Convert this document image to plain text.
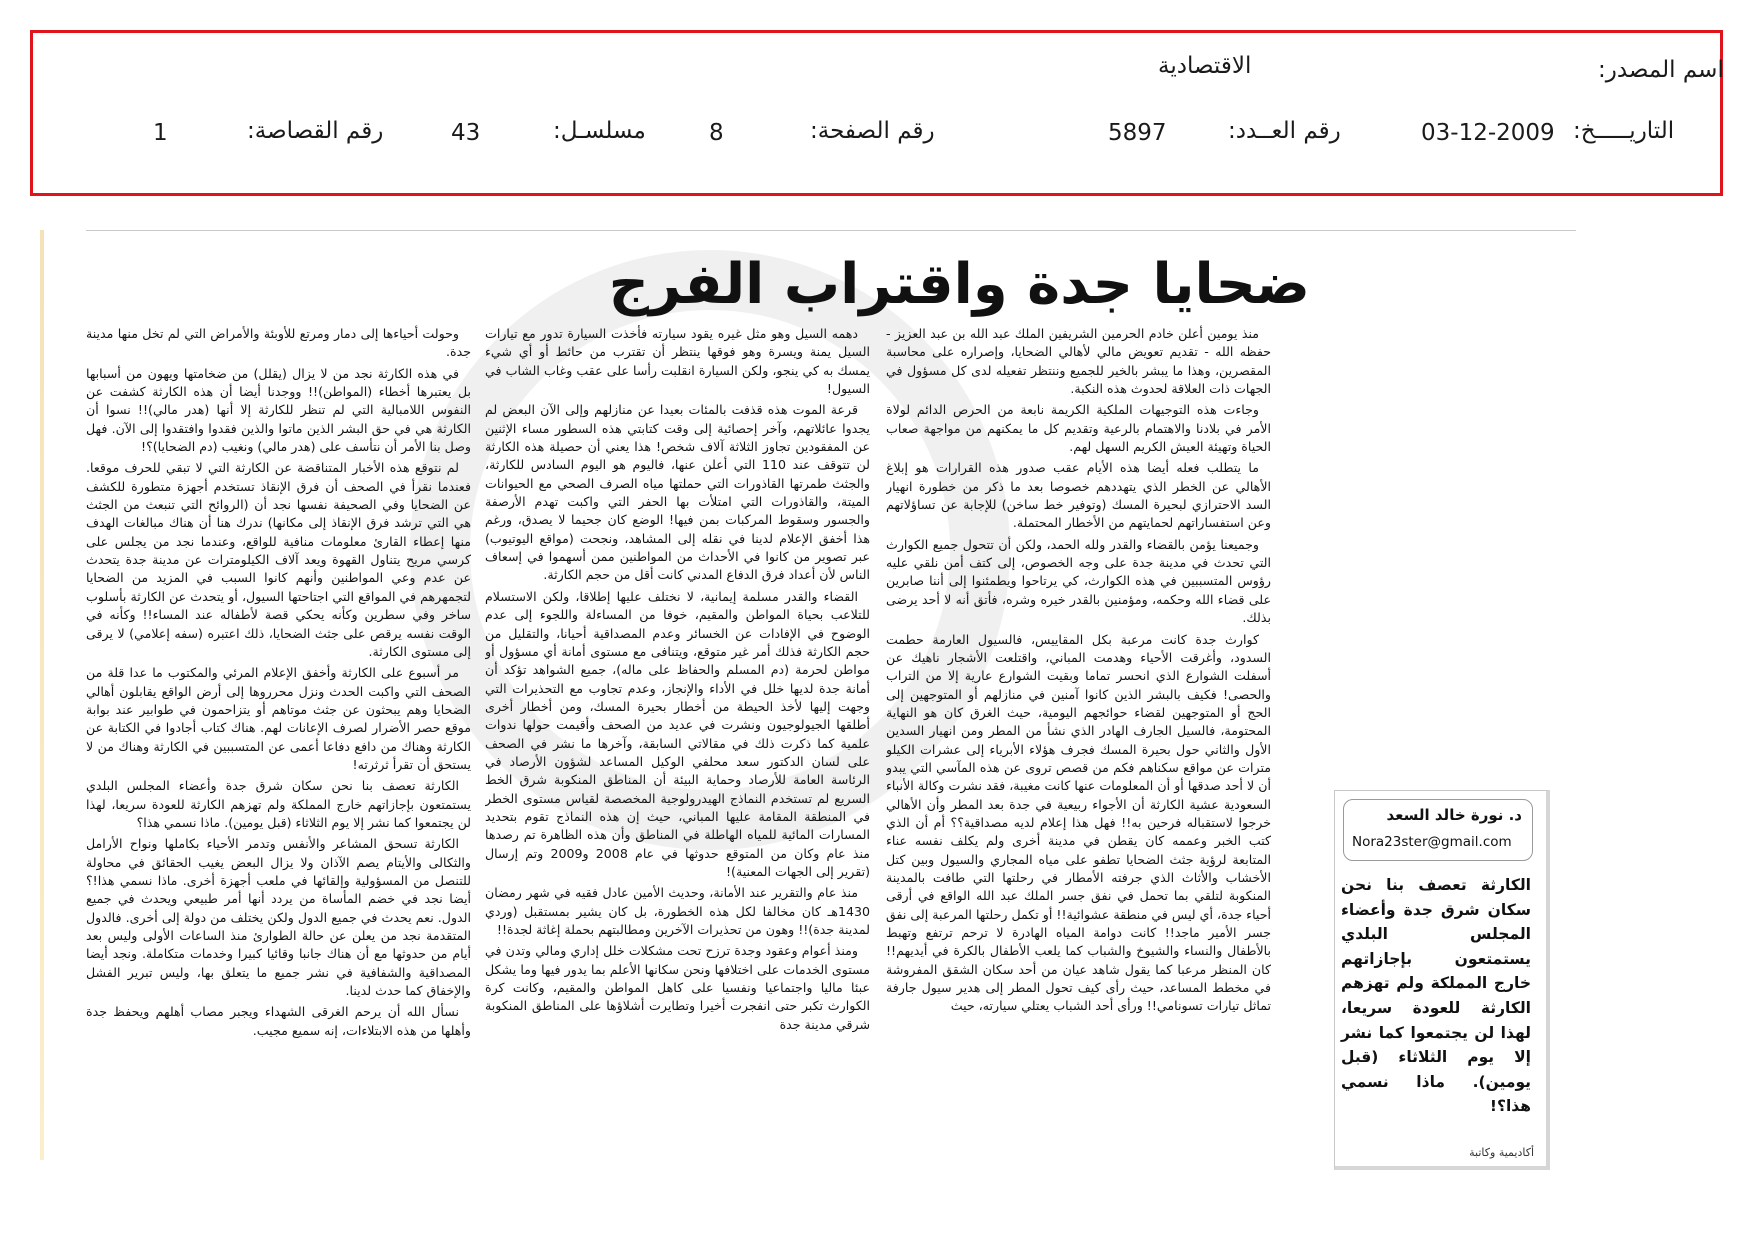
اسم المصدر:
الاقتصادية
التاريـــــخ:
03-12-2009
رقم العــدد:
5897
رقم الصفحة:
8
مسلسـل:
43
رقم القصاصة:
1
ضحايا جدة واقتراب الفرج

منذ يومين أعلن خادم الحرمين الشريفين الملك عبد الله بن عبد العزيز - حفظه الله - تقديم تعويض مالي لأهالي الضحايا، وإصراره على محاسبة المقصرين، وهذا ما يبشر بالخير للجميع وننتظر تفعيله لدى كل مسؤول في الجهات ذات العلاقة لحدوث هذه النكبة.

وجاءت هذه التوجيهات الملكية الكريمة نابعة من الحرص الدائم لولاة الأمر في بلادنا والاهتمام بالرعية وتقديم كل ما يمكنهم من مواجهة صعاب الحياة وتهيئة العيش الكريم السهل لهم.

ما يتطلب فعله أيضا هذه الأيام عقب صدور هذه القرارات هو إبلاغ الأهالي عن الخطر الذي يتهددهم خصوصا بعد ما ذكر من خطورة انهيار السد الاحترازي لبحيرة المسك (وتوفير خط ساخن) للإجابة عن تساؤلاتهم وعن استفساراتهم لحمايتهم من الأخطار المحتملة.

وجميعنا يؤمن بالقضاء والقدر ولله الحمد، ولكن أن تتحول جميع الكوارث التي تحدث في مدينة جدة على وجه الخصوص، إلى كتف أمن نلقي عليه رؤوس المتسببين في هذه الكوارث، كي يرتاحوا ويطمئنوا إلى أننا صابرين على قضاء الله وحكمه، ومؤمنين بالقدر خيره وشره، فأتق أنه لا أحد يرضى بذلك.

كوارث جدة كانت مرعبة بكل المقاييس، فالسيول العارمة حطمت السدود، وأغرقت الأحياء وهدمت المباني، واقتلعت الأشجار ناهيك عن أسفلت الشوارع الذي انحسر تماما وبقيت الشوارع عارية إلا من التراب والحصى! فكيف بالبشر الذين كانوا آمنين في منازلهم أو المتوجهين إلى الحج أو المتوجهين لقضاء حوائجهم اليومية، حيث الغرق كان هو النهاية المحتومة، فالسيل الجارف الهادر الذي نشأ من المطر ومن انهيار السدين الأول والثاني حول بحيرة المسك فجرف هؤلاء الأبرياء إلى عشرات الكيلو مترات عن مواقع سكناهم فكم من قصص تروى عن هذه المآسي التي يبدو أن لا أحد صدقها أو أن المعلومات عنها كانت مغيبة، فقد نشرت وكالة الأنباء السعودية عشية الكارثة أن الأجواء ربيعية في جدة بعد المطر وأن الأهالي خرجوا لاستقباله فرحين به!! فهل هذا إعلام لديه مصداقية؟؟ أم أن الذي كتب الخبر وعممه كان يقطن في مدينة أخرى ولم يكلف نفسه عناء المتابعة لرؤية جثث الضحايا تطفو على مياه المجاري والسيول وبين كتل الأخشاب والأثاث الذي جرفته الأمطار في رحلتها التي طافت بالمدينة المنكوبة لتلقي بما تحمل في نفق جسر الملك عبد الله الواقع في أرقى أحياء جدة، أي ليس في منطقة عشوائية!! أو تكمل رحلتها المرعبة إلى نفق جسر الأمير ماجد!! كانت دوامة المياه الهادرة لا ترحم ترتفع وتهبط بالأطفال والنساء والشيوخ والشباب كما يلعب الأطفال بالكرة في أيديهم!! كان المنظر مرعبا كما يقول شاهد عيان من أحد سكان الشقق المفروشة في مخطط المساعد، حيث رأى كيف تحول المطر إلى هدير سيول جارفة تماثل تيارات تسونامي!! ورأى أحد الشباب يعتلي سيارته، حيث

دهمه السيل وهو مثل غيره يقود سيارته فأخذت السيارة تدور مع تيارات السيل يمنة ويسرة وهو فوقها ينتظر أن تقترب من حائط أو أي شيء يمسك به كي ينجو، ولكن السيارة انقلبت رأسا على عقب وغاب الشاب في السيول!

قرعة الموت هذه قذفت بالمئات بعيدا عن منازلهم وإلى الآن البعض لم يجدوا عائلاتهم، وآخر إحصائية إلى وقت كتابتي هذه السطور مساء الإثنين عن المفقودين تجاوز الثلاثة آلاف شخص! هذا يعني أن حصيلة هذه الكارثة لن تتوقف عند 110 التي أعلن عنها، فاليوم هو اليوم السادس للكارثة، والجثث طمرتها القاذورات التي حملتها مياه الصرف الصحي مع الحيوانات الميتة، والقاذورات التي امتلأت بها الحفر التي واكبت تهدم الأرصفة والجسور وسقوط المركبات بمن فيها! الوضع كان جحيما لا يصدق، ورغم هذا أخفق الإعلام لدينا في نقله إلى المشاهد، ونجحت (مواقع اليوتيوب) عبر تصوير من كانوا في الأحداث من المواطنين ممن أسهموا في إسعاف الناس لأن أعداد فرق الدفاع المدني كانت أقل من حجم الكارثة.

القضاء والقدر مسلمة إيمانية، لا نختلف عليها إطلاقا، ولكن الاستسلام للتلاعب بحياة المواطن والمقيم، خوفا من المساءلة واللجوء إلى عدم الوضوح في الإفادات عن الخسائر وعدم المصداقية أحيانا، والتقليل من حجم الكارثة فذلك أمر غير متوقع، ويتنافى مع مستوى أمانة أي مسؤول أو مواطن لحرمة (دم المسلم والحفاظ على ماله)، جميع الشواهد تؤكد أن أمانة جدة لديها خلل في الأداء والإنجاز، وعدم تجاوب مع التحذيرات التي وجهت إليها لأخذ الحيطة من أخطار بحيرة المسك، ومن أخطار أخرى أطلقها الجيولوجيون ونشرت في عديد من الصحف وأقيمت حولها ندوات علمية كما ذكرت ذلك في مقالاتي السابقة، وآخرها ما نشر في الصحف على لسان الدكتور سعد محلفي الوكيل المساعد لشؤون الأرصاد في الرئاسة العامة للأرصاد وحماية البيئة أن المناطق المنكوبة شرق الخط السريع لم تستخدم النماذج الهيدرولوجية المخصصة لقياس مستوى الخطر في المنطقة المقامة عليها المباني، حيث إن هذه النماذج تقوم بتحديد المسارات المائية للمياه الهاطلة في المناطق وأن هذه الظاهرة تم رصدها منذ عام وكان من المتوقع حدوثها في عام 2008 و2009 وتم إرسال (تقرير إلى الجهات المعنية)!

منذ عام والتقرير عند الأمانة، وحديث الأمين عادل فقيه في شهر رمضان 1430هـ كان مخالفا لكل هذه الخطورة، بل كان يشير بمستقبل (وردي لمدينة جدة)!! وهون من تحذيرات الآخرين ومطالبتهم بحملة إغاثة لجدة!!

ومنذ أعوام وعقود وجدة ترزح تحت مشكلات خلل إداري ومالي وتدن في مستوى الخدمات على اختلافها ونحن سكانها الأعلم بما يدور فيها وما يشكل عبئا ماليا واجتماعيا ونفسيا على كاهل المواطن والمقيم، وكانت كرة الكوارث تكبر حتى انفجرت أخيرا وتطايرت أشلاؤها على المناطق المنكوبة شرقي مدينة جدة

وحولت أحياءها إلى دمار ومرتع للأوبئة والأمراض التي لم تخل منها مدينة جدة.

في هذه الكارثة نجد من لا يزال (يقلل) من ضخامتها ويهون من أسبابها بل يعتبرها أخطاء (المواطن)!! ووجدنا أيضا أن هذه الكارثة كشفت عن النفوس اللامبالية التي لم تنظر للكارثة إلا أنها (هدر مالي)!! نسوا أن الكارثة هي في حق البشر الذين ماتوا والذين فقدوا وافتقدوا إلى الآن. فهل وصل بنا الأمر أن نتأسف على (هدر مالي) ونغيب (دم الضحايا)؟!

لم نتوقع هذه الأخبار المتناقضة عن الكارثة التي لا تبقي للحرف موقعا. فعندما نقرأ في الصحف أن فرق الإنقاذ تستخدم أجهزة متطورة للكشف عن الضحايا وفي الصحيفة نفسها نجد أن (الروائح التي تنبعث من الجثث هي التي ترشد فرق الإنقاذ إلى مكانها) ندرك هنا أن هناك مبالغات الهدف منها إعطاء القارئ معلومات منافية للواقع، وعندما نجد من يجلس على كرسي مريح يتناول القهوة ويعد آلاف الكيلومترات عن مدينة جدة يتحدث عن عدم وعي المواطنين وأنهم كانوا السبب في المزيد من الضحايا لتجمهرهم في المواقع التي اجتاحتها السيول، أو يتحدث عن الكارثة بأسلوب ساخر وفي سطرين وكأنه يحكي قصة لأطفاله عند المساء!! وكأنه في الوقت نفسه يرقص على جثث الضحايا، ذلك اعتبره (سفه إعلامي) لا يرقى إلى مستوى الكارثة.

مر أسبوع على الكارثة وأخفق الإعلام المرئي والمكتوب ما عدا قلة من الصحف التي واكبت الحدث ونزل محرروها إلى أرض الواقع يقابلون أهالي الضحايا وهم يبحثون عن جثث موتاهم أو يتزاحمون في طوابير عند بوابة موقع حصر الأضرار لصرف الإعانات لهم. هناك كتاب أجادوا في الكتابة عن الكارثة وهناك من دافع دفاعا أعمى عن المتسببين في الكارثة وهناك من لا يستحق أن تقرأ ثرثرته!

الكارثة تعصف بنا نحن سكان شرق جدة وأعضاء المجلس البلدي يستمتعون بإجازاتهم خارج المملكة ولم تهزهم الكارثة للعودة سريعا، لهذا لن يجتمعوا كما نشر إلا يوم الثلاثاء (قبل يومين). ماذا نسمي هذا؟

الكارثة تسحق المشاعر والأنفس وتدمر الأحياء بكاملها ونواح الأرامل والثكالى والأيتام يصم الآذان ولا يزال البعض يغيب الحقائق في محاولة للتنصل من المسؤولية وإلقائها في ملعب أجهزة أخرى. ماذا نسمي هذا!؟ أيضا نجد في خضم المأساة من يردد أنها أمر طبيعي ويحدث في جميع الدول. نعم يحدث في جميع الدول ولكن يختلف من دولة إلى أخرى. فالدول المتقدمة نجد من يعلن عن حالة الطوارئ منذ الساعات الأولى وليس بعد أيام من حدوثها مع أن هناك جانبا وقائيا كبيرا وخدمات متكاملة. ونجد أيضا المصداقية والشفافية في نشر جميع ما يتعلق بها، وليس تبرير الفشل والإخفاق كما حدث لدينا.

نسأل الله أن يرحم الغرقى الشهداء ويجبر مصاب أهلهم ويحفظ جدة وأهلها من هذه الابتلاءات، إنه سميع مجيب.

د. نورة خالد السعد
Nora23ster@gmail.com
الكارثة تعصف بنا نحن سكان شرق جدة وأعضاء المجلس البلدي يستمتعون بإجازاتهم خارج المملكة ولم تهزهم الكارثة للعودة سريعا، لهذا لن يجتمعوا كما نشر إلا يوم الثلاثاء (قبل يومين). ماذا نسمي هذا؟!
أكاديمية وكاتبة
